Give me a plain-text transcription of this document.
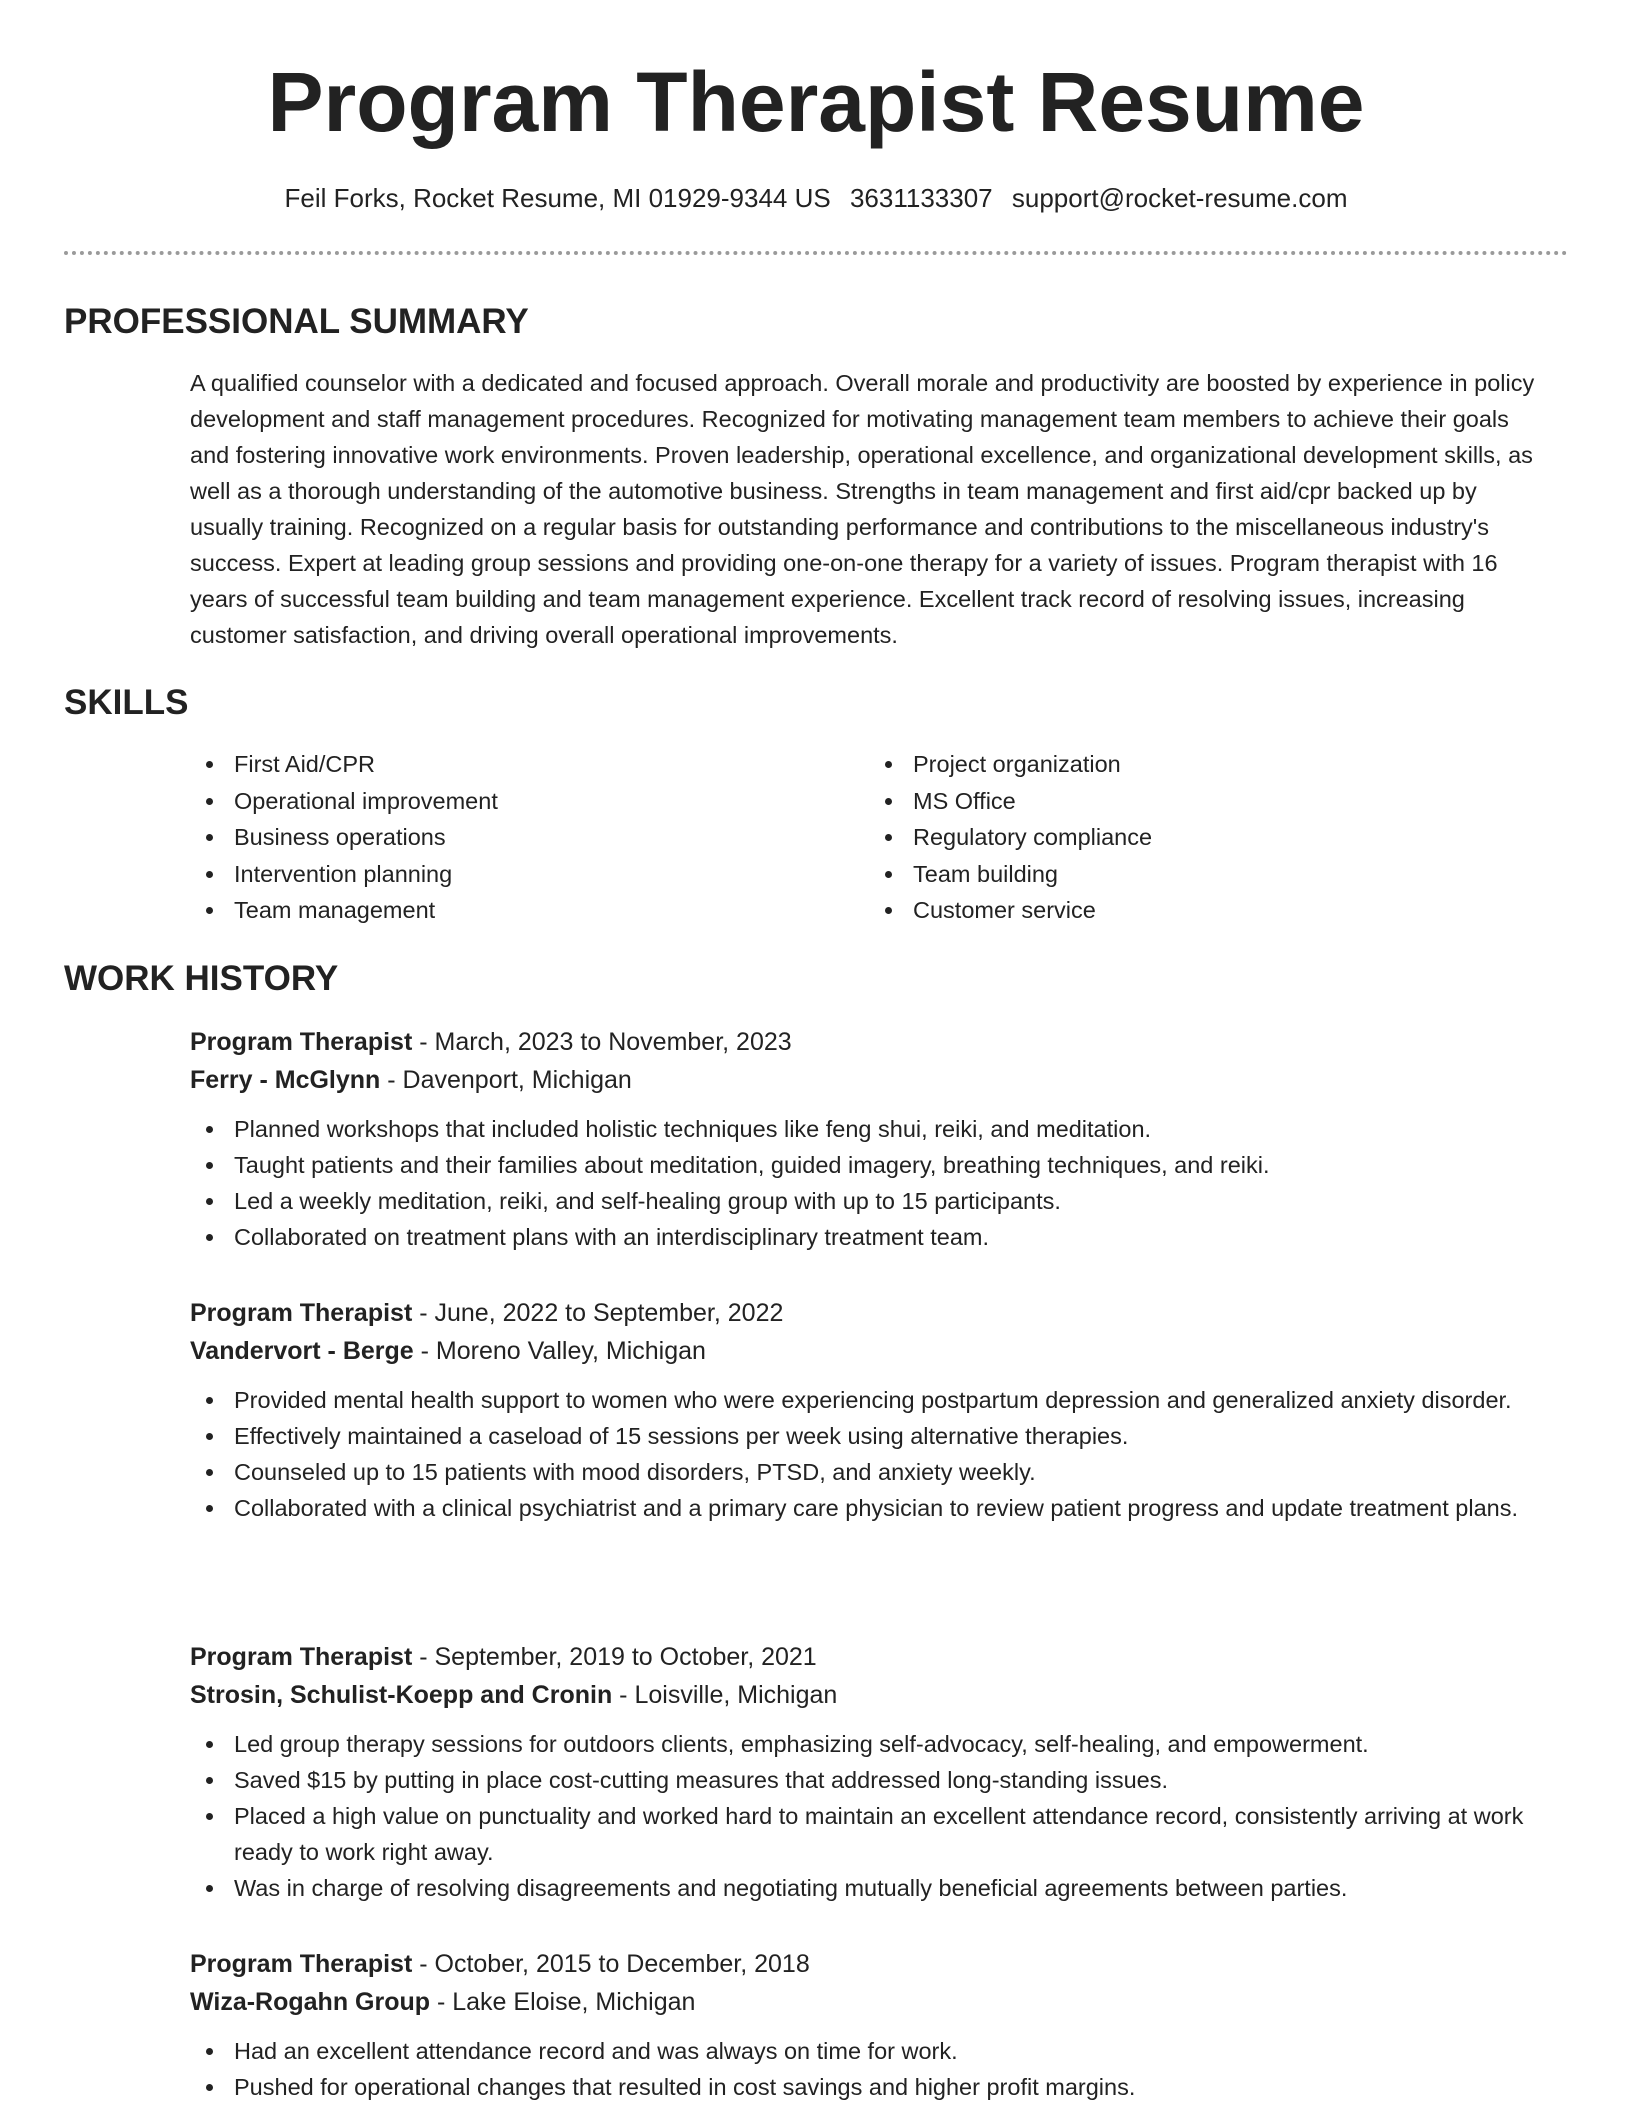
Program Therapist Resume
Feil Forks, Rocket Resume, MI 01929-9344 US 3631133307 support@rocket-resume.com
PROFESSIONAL SUMMARY

A qualified counselor with a dedicated and focused approach. Overall morale and productivity are boosted by experience in policy development and staff management procedures. Recognized for motivating management team members to achieve their goals and fostering innovative work environments. Proven leadership, operational excellence, and organizational development skills, as well as a thorough understanding of the automotive business. Strengths in team management and first aid/cpr backed up by usually training. Recognized on a regular basis for outstanding performance and contributions to the miscellaneous industry's success. Expert at leading group sessions and providing one-on-one therapy for a variety of issues. Program therapist with 16 years of successful team building and team management experience. Excellent track record of resolving issues, increasing customer satisfaction, and driving overall operational improvements.

SKILLS
First Aid/CPR
Operational improvement
Business operations
Intervention planning
Team management
Project organization
MS Office
Regulatory compliance
Team building
Customer service
WORK HISTORY

Program Therapist - March, 2023 to November, 2023

Ferry - McGlynn - Davenport, Michigan

Planned workshops that included holistic techniques like feng shui, reiki, and meditation.
Taught patients and their families about meditation, guided imagery, breathing techniques, and reiki.
Led a weekly meditation, reiki, and self-healing group with up to 15 participants.
Collaborated on treatment plans with an interdisciplinary treatment team.

Program Therapist - June, 2022 to September, 2022

Vandervort - Berge - Moreno Valley, Michigan

Provided mental health support to women who were experiencing postpartum depression and generalized anxiety disorder.
Effectively maintained a caseload of 15 sessions per week using alternative therapies.
Counseled up to 15 patients with mood disorders, PTSD, and anxiety weekly.
Collaborated with a clinical psychiatrist and a primary care physician to review patient progress and update treatment plans.

Program Therapist - September, 2019 to October, 2021

Strosin, Schulist-Koepp and Cronin - Loisville, Michigan

Led group therapy sessions for outdoors clients, emphasizing self-advocacy, self-healing, and empowerment.
Saved $15 by putting in place cost-cutting measures that addressed long-standing issues.
Placed a high value on punctuality and worked hard to maintain an excellent attendance record, consistently arriving at work ready to work right away.
Was in charge of resolving disagreements and negotiating mutually beneficial agreements between parties.

Program Therapist - October, 2015 to December, 2018

Wiza-Rogahn Group - Lake Eloise, Michigan

Had an excellent attendance record and was always on time for work.
Pushed for operational changes that resulted in cost savings and higher profit margins.
